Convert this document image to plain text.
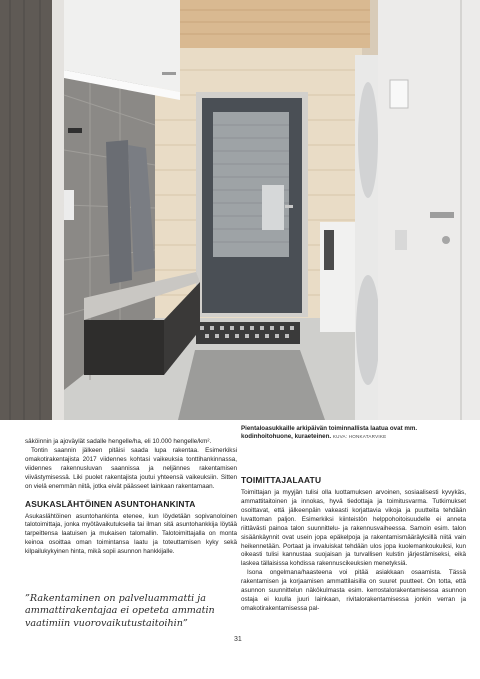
Pientaloasukkaille arkipäivän toiminnallista laatua ovat mm. kodinhoitohuone, kuraeteinen. KUVA: HONKATARVIKE

säköinnin ja ajoväylät sadalle hengelle/ha, eli 10.000 hengelle/km².

Tontin saannin jälkeen pitäisi saada lupa rakentaa. Esimerkiksi omakotirakentajista 2017 viidennes kohtasi vaikeuksia tonttihankinnassa, viidennes rakennusluvan saannissa ja neljännes rakentamisen viivästymisessä. Liki puolet rakentajista joutui yhteensä vaikeuksiin. Sitten on vielä enemmän niitä, jotka eivät päässeet lainkaan rakentamaan.

ASUKASLÄHTÖINEN ASUNTOHANKINTA

Asukaslähtöinen asuntohankinta etenee, kun löydetään sopivanoloinen talotoimittaja, jonka myötävaikutuksella tai ilman sitä asuntohankkija löytää tarpeittensa laatuisen ja mukaisen talomallin. Talotoimittajalla on monta keinoa osoittaa oman toimintansa laatu ja toteuttamisen kyky sekä kilpailukykyinen hinta, mikä sopii asunnon hankkijalle.

”Rakentaminen on palveluammatti ja ammattirakentajaa ei opeteta ammatin vaatimiin vuorovaikutustaitoihin”
TOIMITTAJALAATU

Toimittajan ja myyjän tulisi olla luottamuksen arvoinen, sosiaalisesti kyvykäs, ammattitaitoinen ja innokas, hyvä tiedottaja ja toimitusvarma. Tutkimukset osoittavat, että jälkeenpäin vakeasti korjattavia vikoja ja puutteita tehdään luvattoman paljon. Esimerkiksi kiinteistön helppohoitoisuudelle ei anneta riittävästi painoa talon suunnittelu- ja rakennusvaiheessa. Samoin esim. talon sisäänkäynnit ovat usein jopa epäkelpoja ja rakentamismääräyksillä niitä vain heikennetään. Portaat ja invaluiskat tehdään ulos jopa kuolemankoukuiksi, kun oikeasti tulisi kannustaa suojaisan ja turvallisen kulstin järjestämiseksi, eikä laskea tällaisissa kohdissa rakennuscikeuksien menetyksiä.

Isona ongelmana/haasteena voi pitää asiakkaan osaamista. Tässä rakentamisen ja korjaamisen ammattilaisilla on suuret puutteet. On totta, että asunnon suunnittelun näkökulmasta esim. kerrostalorakentamisessa asunnon ostaja ei kuulla juuri lainkaan, rivitalorakentamisessa jonkin verran ja omakotirakentamisessa pal-

31
